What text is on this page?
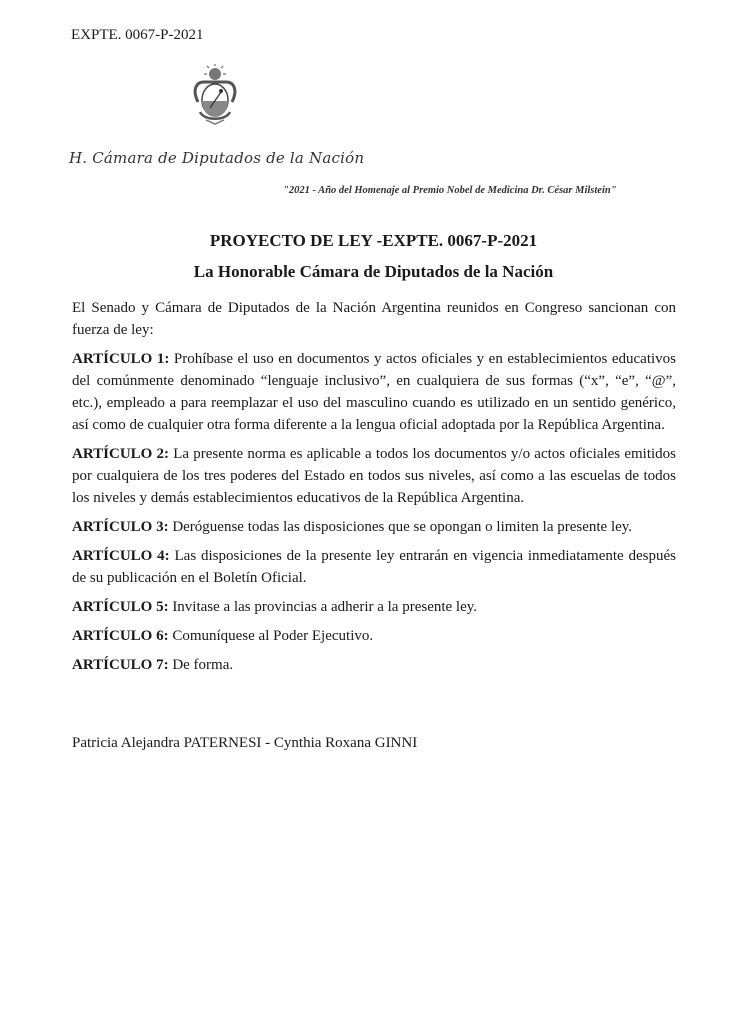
EXPTE. 0067-P-2021
H. Cámara de Diputados de la Nación
"2021 - Año del Homenaje al Premio Nobel de Medicina Dr. César Milstein"
PROYECTO DE LEY -EXPTE. 0067-P-2021
La Honorable Cámara de Diputados de la Nación

El Senado y Cámara de Diputados de la Nación Argentina reunidos en Congreso sancionan con fuerza de ley:

ARTÍCULO 1: Prohíbase el uso en documentos y actos oficiales y en establecimientos educativos del comúnmente denominado “lenguaje inclusivo”, en cualquiera de sus formas (“x”, “e”, “@”, etc.), empleado a para reemplazar el uso del masculino cuando es utilizado en un sentido genérico, así como de cualquier otra forma diferente a la lengua oficial adoptada por la República Argentina.

ARTÍCULO 2: La presente norma es aplicable a todos los documentos y/o actos oficiales emitidos por cualquiera de los tres poderes del Estado en todos sus niveles, así como a las escuelas de todos los niveles y demás establecimientos educativos de la República Argentina.

ARTÍCULO 3: Deróguense todas las disposiciones que se opongan o limiten la presente ley.

ARTÍCULO 4: Las disposiciones de la presente ley entrarán en vigencia inmediatamente después de su publicación en el Boletín Oficial.

ARTÍCULO 5: Invitase a las provincias a adherir a la presente ley.

ARTÍCULO 6: Comuníquese al Poder Ejecutivo.

ARTÍCULO 7: De forma.

Patricia Alejandra PATERNESI - Cynthia Roxana GINNI
